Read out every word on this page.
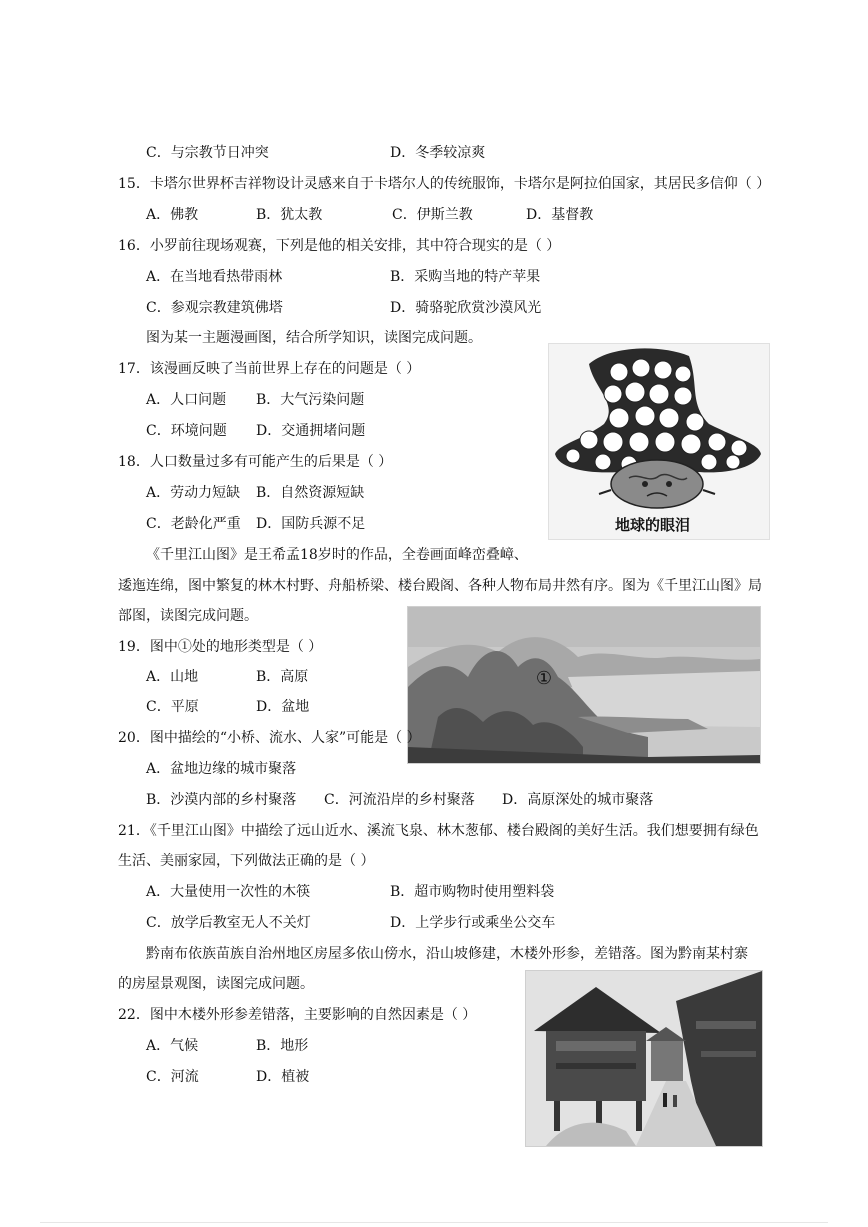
C．与宗教节日冲突	D．冬季较凉爽
15．卡塔尔世界杯吉祥物设计灵感来自于卡塔尔人的传统服饰，卡塔尔是阿拉伯国家，其居民多信仰（ ）
A．佛教	B．犹太教	C．伊斯兰教	D．基督教
16．小罗前往现场观赛，下列是他的相关安排，其中符合现实的是（ ）
A．在当地看热带雨林	B．采购当地的特产苹果
C．参观宗教建筑佛塔	D．骑骆驼欣赏沙漠风光
图为某一主题漫画图，结合所学知识，读图完成问题。
17．该漫画反映了当前世界上存在的问题是（ ）
A．人口问题 B．大气污染问题
C．环境问题 D．交通拥堵问题
18．人口数量过多有可能产生的后果是（ ）
A．劳动力短缺 B．自然资源短缺
C．老龄化严重 D．国防兵源不足	地球的眼泪
《千里江山图》是王希孟18岁时的作品，全卷画面峰峦叠嶂、
逶迤连绵，图中繁复的林木村野、舟船桥梁、楼台殿阁、各种人物布局井然有序。图为《千里江山图》局
部图，读图完成问题。
①
19．图中①处的地形类型是（ ）
A．山地	B．高原
C．平原	D．盆地
20．图中描绘的“小桥、流水、人家”可能是（ ）
A．盆地边缘的城市聚落
B．沙漠内部的乡村聚落 C．河流沿岸的乡村聚落 D．高原深处的城市聚落
21．《千里江山图》中描绘了远山近水、溪流飞泉、林木葱郁、楼台殿阁的美好生活。我们想要拥有绿色
生活、美丽家园，下列做法正确的是（ ）
A．大量使用一次性的木筷	B．超市购物时使用塑料袋
C．放学后教室无人不关灯	D．上学步行或乘坐公交车
黔南布依族苗族自治州地区房屋多依山傍水，沿山坡修建，木楼外形参，差错落。图为黔南某村寨
的房屋景观图，读图完成问题。
22．图中木楼外形参差错落，主要影响的自然因素是（ ）
A．气候	B．地形
C．河流	D．植被
